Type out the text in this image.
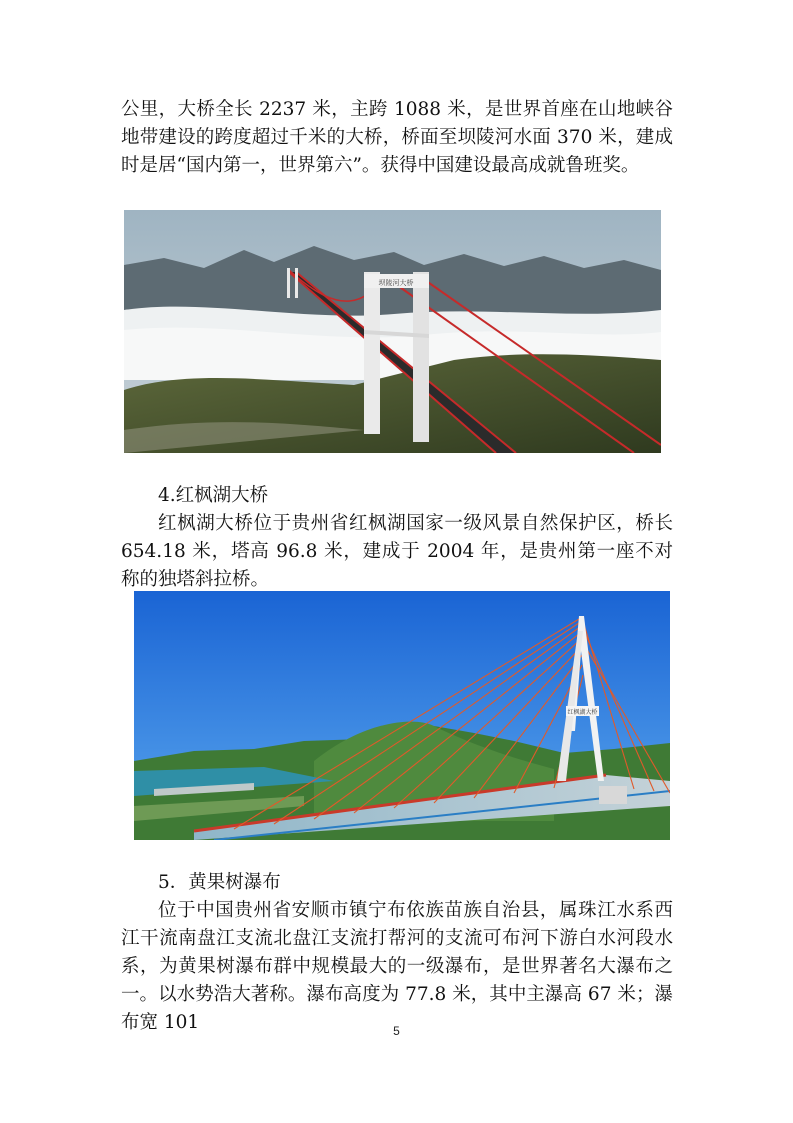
公里，大桥全长 2237 米，主跨 1088 米，是世界首座在山地峡谷地带建设的跨度超过千米的大桥，桥面至坝陵河水面 370 米，建成时是居“国内第一，世界第六”。获得中国建设最高成就鲁班奖。

坝陵河大桥

4.红枫湖大桥

红枫湖大桥位于贵州省红枫湖国家一级风景自然保护区，桥长654.18 米，塔高 96.8 米，建成于 2004 年，是贵州第一座不对称的独塔斜拉桥。

红枫湖大桥

5．黄果树瀑布

位于中国贵州省安顺市镇宁布依族苗族自治县，属珠江水系西江干流南盘江支流北盘江支流打帮河的支流可布河下游白水河段水系，为黄果树瀑布群中规模最大的一级瀑布，是世界著名大瀑布之一。以水势浩大著称。瀑布高度为 77.8 米，其中主瀑高 67 米；瀑布宽 101	5
